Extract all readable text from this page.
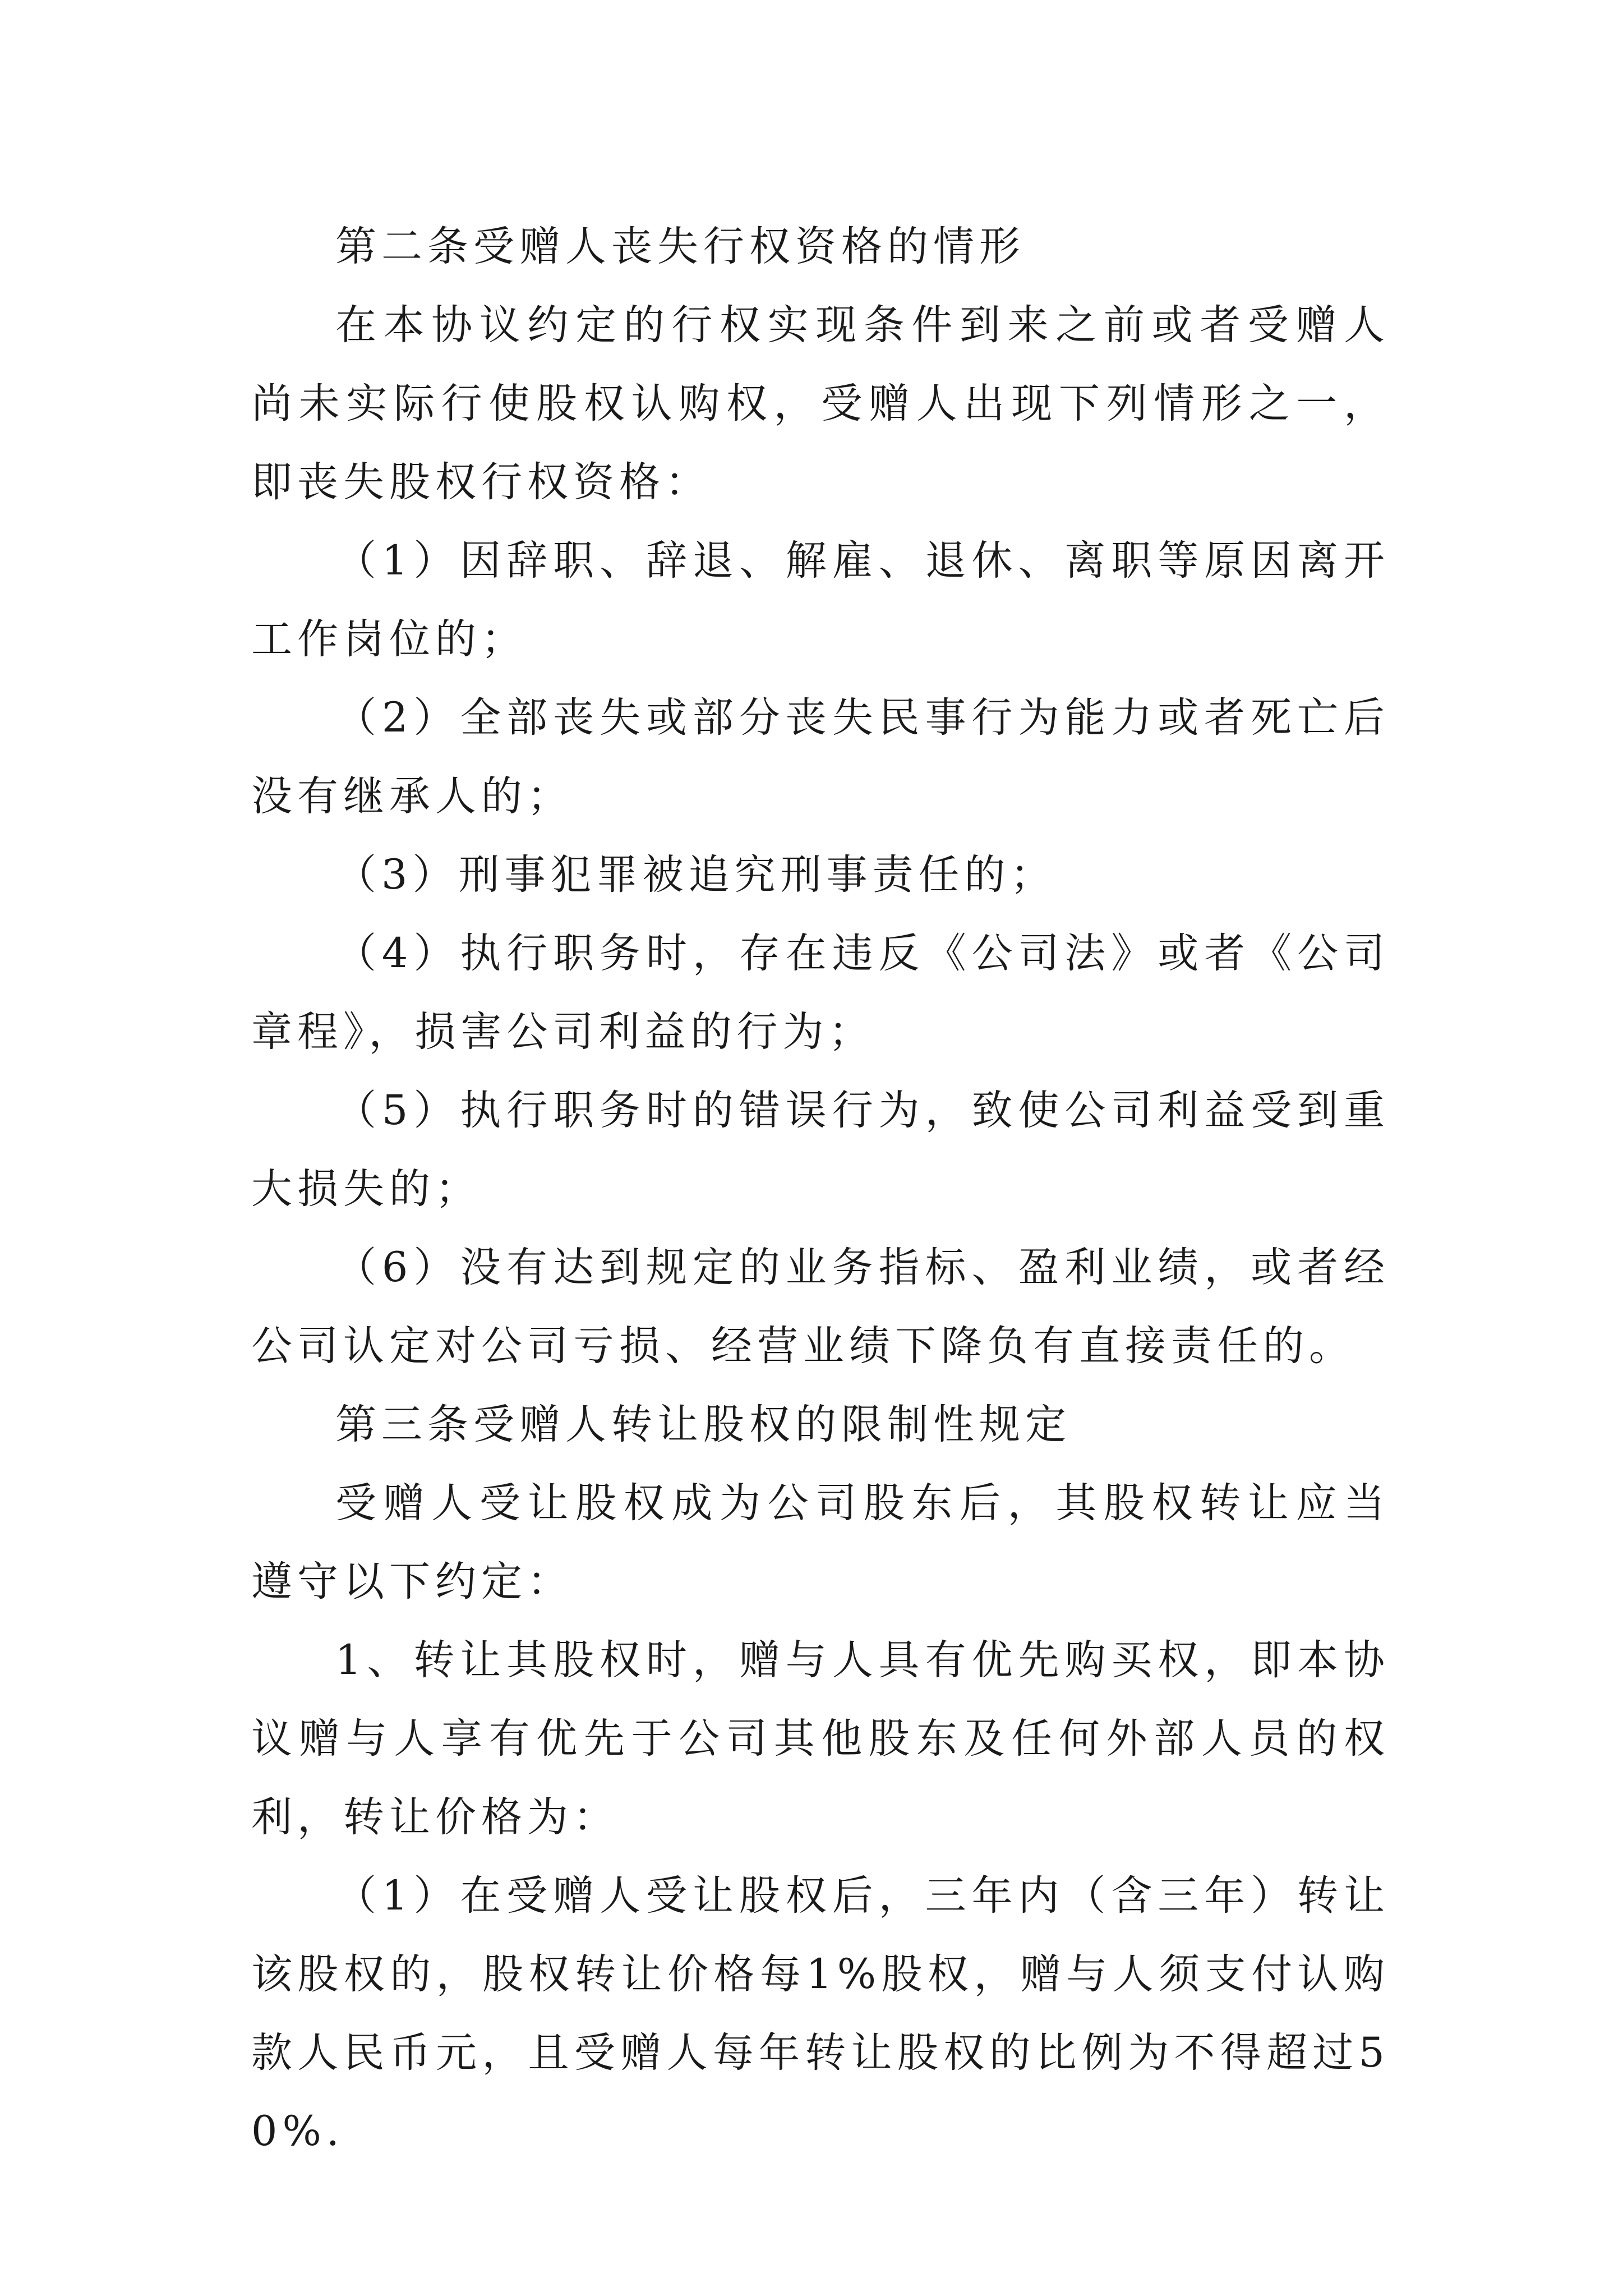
第二条受赠人丧失行权资格的情形

在本协议约定的行权实现条件到来之前或者受赠人尚未实际行使股权认购权，受赠人出现下列情形之一，即丧失股权行权资格：

（1）因辞职、辞退、解雇、退休、离职等原因离开工作岗位的；

（2）全部丧失或部分丧失民事行为能力或者死亡后没有继承人的；

（3）刑事犯罪被追究刑事责任的；

（4）执行职务时，存在违反《公司法》或者《公司章程》，损害公司利益的行为；

（5）执行职务时的错误行为，致使公司利益受到重大损失的；

（6）没有达到规定的业务指标、盈利业绩，或者经公司认定对公司亏损、经营业绩下降负有直接责任的。

第三条受赠人转让股权的限制性规定

受赠人受让股权成为公司股东后，其股权转让应当遵守以下约定：

1、转让其股权时，赠与人具有优先购买权，即本协议赠与人享有优先于公司其他股东及任何外部人员的权利，转让价格为：

（1）在受赠人受让股权后，三年内（含三年）转让该股权的，股权转让价格每1%股权，赠与人须支付认购款人民币元，且受赠人每年转让股权的比例为不得超过50%.
